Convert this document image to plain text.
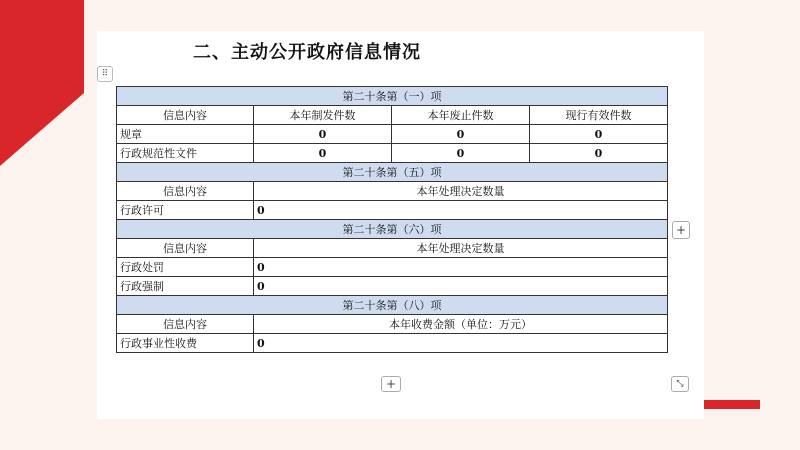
二、主动公开政府信息情况
⠿
第二十条第（一）项			
信息内容	本年制发件数	本年废止件数	现行有效件数
规章	0	0	0
行政规范性文件	0	0	0
第二十条第（五）项			
信息内容	本年处理决定数量		
行政许可	0		
第二十条第（六）项			
信息内容	本年处理决定数量		
行政处罚	0		
行政强制	0		
第二十条第（八）项			
信息内容	本年收费金额（单位：万元）		
行政事业性收费	0		
+
+	⤡
